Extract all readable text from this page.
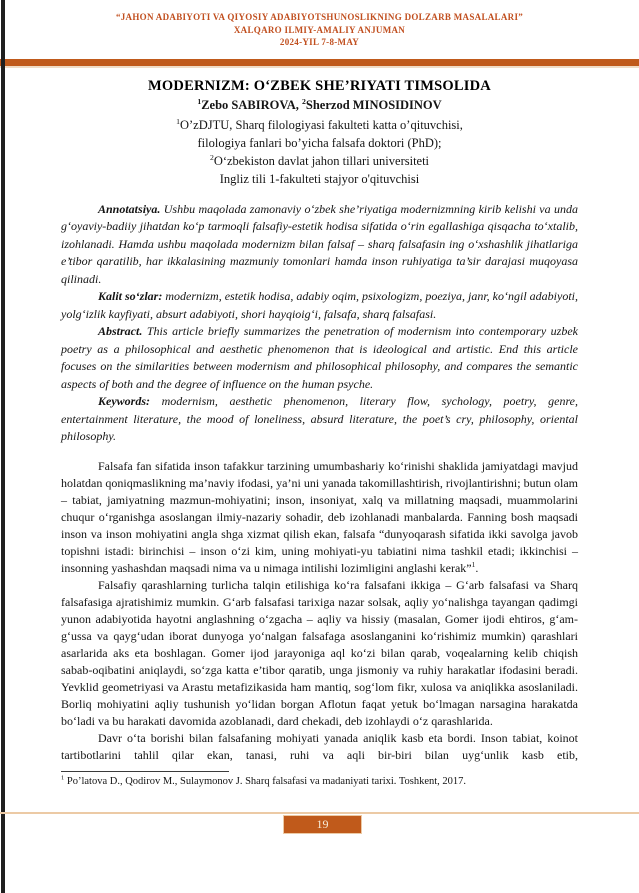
“JAHON ADABIYOTI VA QIYOSIY ADABIYOTSHUNOSLIKNING DOLZARB MASALALARI”
XALQARO ILMIY-AMALIY ANJUMAN
2024-YIL 7-8-MAY
MODERNIZM: O‘ZBEK SHE’RIYATI TIMSOLIDA
$^1$Zebo SABIROVA, $^2$Sherzod MINOSIDINOV
$^1$O’zDJTU, Sharq filologiyasi fakulteti katta o’qituvchisi,
filologiya fanlari bo’yicha falsafa doktori (PhD);
$^2$O‘zbekiston davlat jahon tillari universiteti
Ingliz tili 1-fakulteti stajyor o'qituvchisi

Annotatsiya. Ushbu maqolada zamonaviy o‘zbek she’riyatiga modernizmning kirib kelishi va unda g‘oyaviy-badiiy jihatdan ko‘p tarmoqli falsafiy-estetik hodisa sifatida o‘rin egallashiga qisqacha to‘xtalib, izohlanadi. Hamda ushbu maqolada modernizm bilan falsaf – sharq falsafasin ing o‘xshashlik jihatlariga e’tibor qaratilib, har ikkalasining mazmuniy tomonlari hamda inson ruhiyatiga ta’sir darajasi muqoyasa qilinadi.

Kalit so‘zlar: modernizm, estetik hodisa, adabiy oqim, psixologizm, poeziya, janr, ko‘ngil adabiyoti, yolg‘izlik kayfiyati, absurt adabiyoti, shori hayqioig‘i, falsafa, sharq falsafasi.

Abstract. This article briefly summarizes the penetration of modernism into contemporary uzbek poetry as a philosophical and aesthetic phenomenon that is ideological and artistic. End this article focuses on the similarities between modernism and philosophical philosophy, and compares the semantic aspects of both and the degree of influence on the human psyche.

Keywords: modernism, aesthetic phenomenon, literary flow, sychology, poetry, genre, entertainment literature, the mood of loneliness, absurd literature, the poet’s cry, philosophy, oriental philosophy.

Falsafa fan sifatida inson tafakkur tarzining umumbashariy ko‘rinishi shaklida jamiyatdagi mavjud holatdan qoniqmaslikning ma’naviy ifodasi, ya’ni uni yanada takomillashtirish, rivojlantirishni; butun olam – tabiat, jamiyatning mazmun-mohiyatini; inson, insoniyat, xalq va millatning maqsadi, muammolarini chuqur o‘rganishga asoslangan ilmiy-nazariy sohadir, deb izohlanadi manbalarda. Fanning bosh maqsadi inson va inson mohiyatini angla shga xizmat qilish ekan, falsafa “dunyoqarash sifatida ikki savolga javob topishni istadi: birinchisi – inson o‘zi kim, uning mohiyati-yu tabiatini nima tashkil etadi; ikkinchisi – insonning yashashdan maqsadi nima va u nimaga intilishi lozimligini anglashi kerak”$^1$.

Falsafiy qarashlarning turlicha talqin etilishiga ko‘ra falsafani ikkiga – G‘arb falsafasi va Sharq falsafasiga ajratishimiz mumkin. G‘arb falsafasi tarixiga nazar solsak, aqliy yo‘nalishga tayangan qadimgi yunon adabiyotida hayotni anglashning o‘zgacha – aqliy va hissiy (masalan, Gomer ijodi ehtiros, g‘am-g‘ussa va qayg‘udan iborat dunyoga yo‘nalgan falsafaga asoslanganini ko‘rishimiz mumkin) qarashlari asarlarida aks eta boshlagan. Gomer ijod jarayoniga aql ko‘zi bilan qarab, voqealarning kelib chiqish sabab-oqibatini aniqlaydi, so‘zga katta e’tibor qaratib, unga jismoniy va ruhiy harakatlar ifodasini beradi. Yevklid geometriyasi va Arastu metafizikasida ham mantiq, sog‘lom fikr, xulosa va aniqlikka asoslaniladi. Borliq mohiyatini aqliy tushunish yo‘lidan borgan Aflotun faqat yetuk bo‘lmagan narsagina harakatda bo‘ladi va bu harakati davomida azoblanadi, dard chekadi, deb izohlaydi o‘z qarashlarida.

Davr o‘ta borishi bilan falsafaning mohiyati yanada aniqlik kasb eta bordi. Inson tabiat, koinot tartibotlarini tahlil qilar ekan, tanasi, ruhi va aqli bir-biri bilan uyg‘unlik kasb etib,

$^1$ Po’latova D., Qodirov M., Sulaymonov J. Sharq falsafasi va madaniyati tarixi. Toshkent, 2017.

19
